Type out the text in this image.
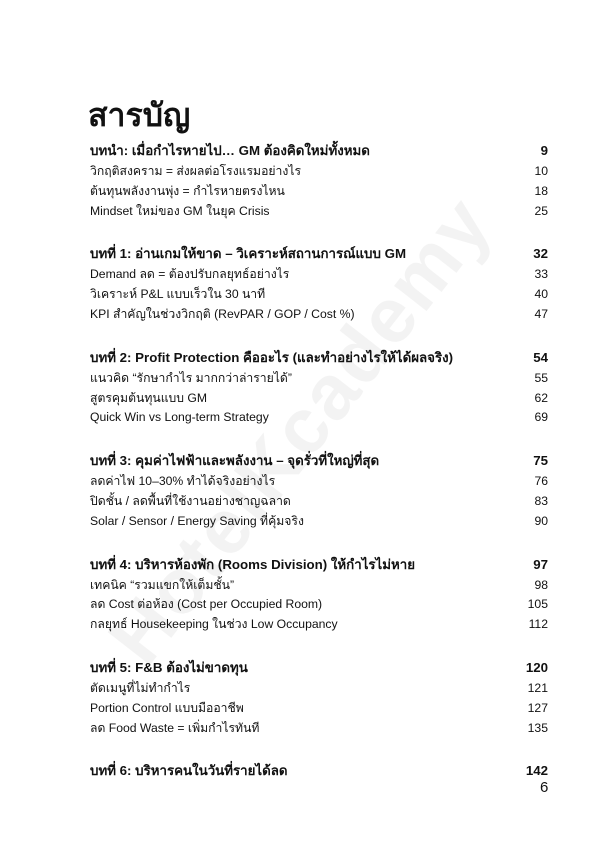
สารบัญ
บทนำ: เมื่อกำไรหายไป… GM ต้องคิดใหม่ทั้งหมด	9
วิกฤติสงคราม = ส่งผลต่อโรงแรมอย่างไร	10
ต้นทุนพลังงานพุ่ง = กำไรหายตรงไหน	18
Mindset ใหม่ของ GM ในยุค Crisis	25
บทที่ 1: อ่านเกมให้ขาด – วิเคราะห์สถานการณ์แบบ GM	32
Demand ลด = ต้องปรับกลยุทธ์อย่างไร	33
วิเคราะห์ P&L แบบเร็วใน 30 นาที	40
KPI สำคัญในช่วงวิกฤติ (RevPAR / GOP / Cost %)	47
บทที่ 2: Profit Protection คืออะไร (และทำอย่างไรให้ได้ผลจริง)	54
แนวคิด “รักษากำไร มากกว่าล่ารายได้”	55
สูตรคุมต้นทุนแบบ GM	62
Quick Win vs Long-term Strategy	69
บทที่ 3: คุมค่าไฟฟ้าและพลังงาน – จุดรั่วที่ใหญ่ที่สุด	75
ลดค่าไฟ 10–30% ทำได้จริงอย่างไร	76
ปิดชั้น / ลดพื้นที่ใช้งานอย่างชาญฉลาด	83
Solar / Sensor / Energy Saving ที่คุ้มจริง	90
บทที่ 4: บริหารห้องพัก (Rooms Division) ให้กำไรไม่หาย	97
เทคนิค “รวมแขกให้เต็มชั้น”	98
ลด Cost ต่อห้อง (Cost per Occupied Room)	105
กลยุทธ์ Housekeeping ในช่วง Low Occupancy	112
บทที่ 5: F&B ต้องไม่ขาดทุน	120
ตัดเมนูที่ไม่ทำกำไร	121
Portion Control แบบมืออาชีพ	127
ลด Food Waste = เพิ่มกำไรทันที	135
บทที่ 6: บริหารคนในวันที่รายได้ลด	142
6
